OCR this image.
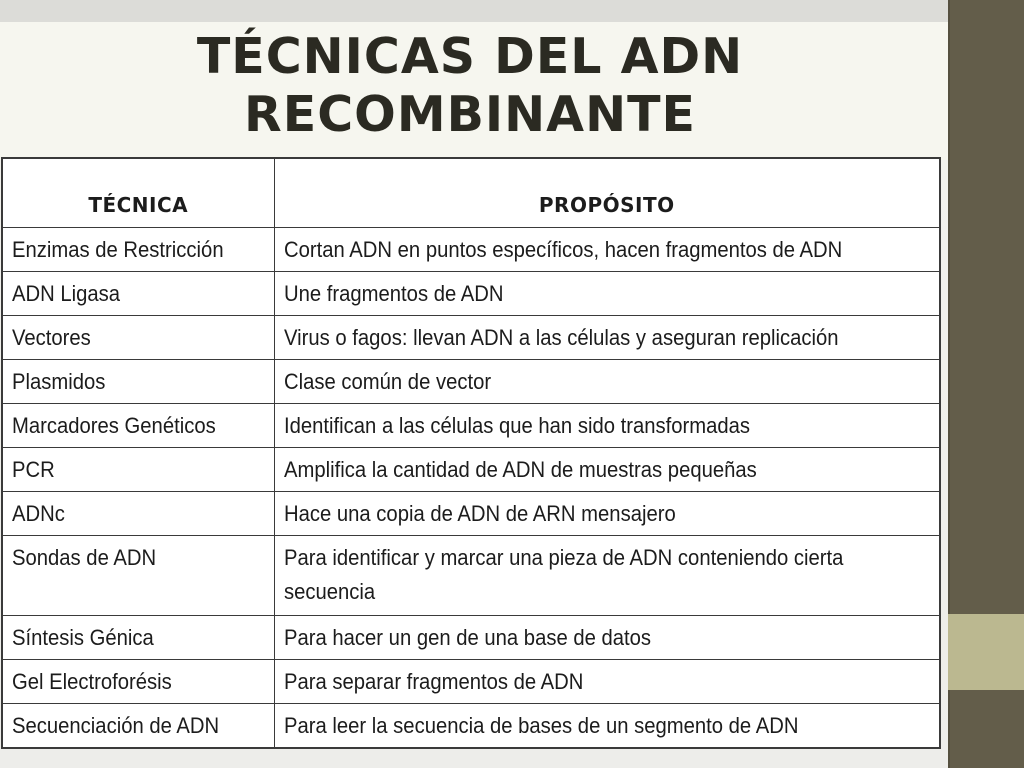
TÉCNICAS DEL ADN
RECOMBINANTE
TÉCNICA	PROPÓSITO
Enzimas de Restricción	Cortan ADN en puntos específicos, hacen fragmentos de ADN
ADN Ligasa	Une fragmentos de ADN
Vectores	Virus o fagos: llevan ADN a las células y aseguran replicación
Plasmidos	Clase común de vector
Marcadores Genéticos	Identifican a las células que han sido transformadas
PCR	Amplifica la cantidad de ADN de muestras pequeñas
ADNc	Hace una copia de ADN de ARN mensajero
Sondas de ADN	Para identificar y marcar una pieza de ADN conteniendo cierta secuencia
Síntesis Génica	Para hacer un gen de una base de datos
Gel Electroforésis	Para separar fragmentos de ADN
Secuenciación de ADN	Para leer la secuencia de bases de un segmento de ADN
